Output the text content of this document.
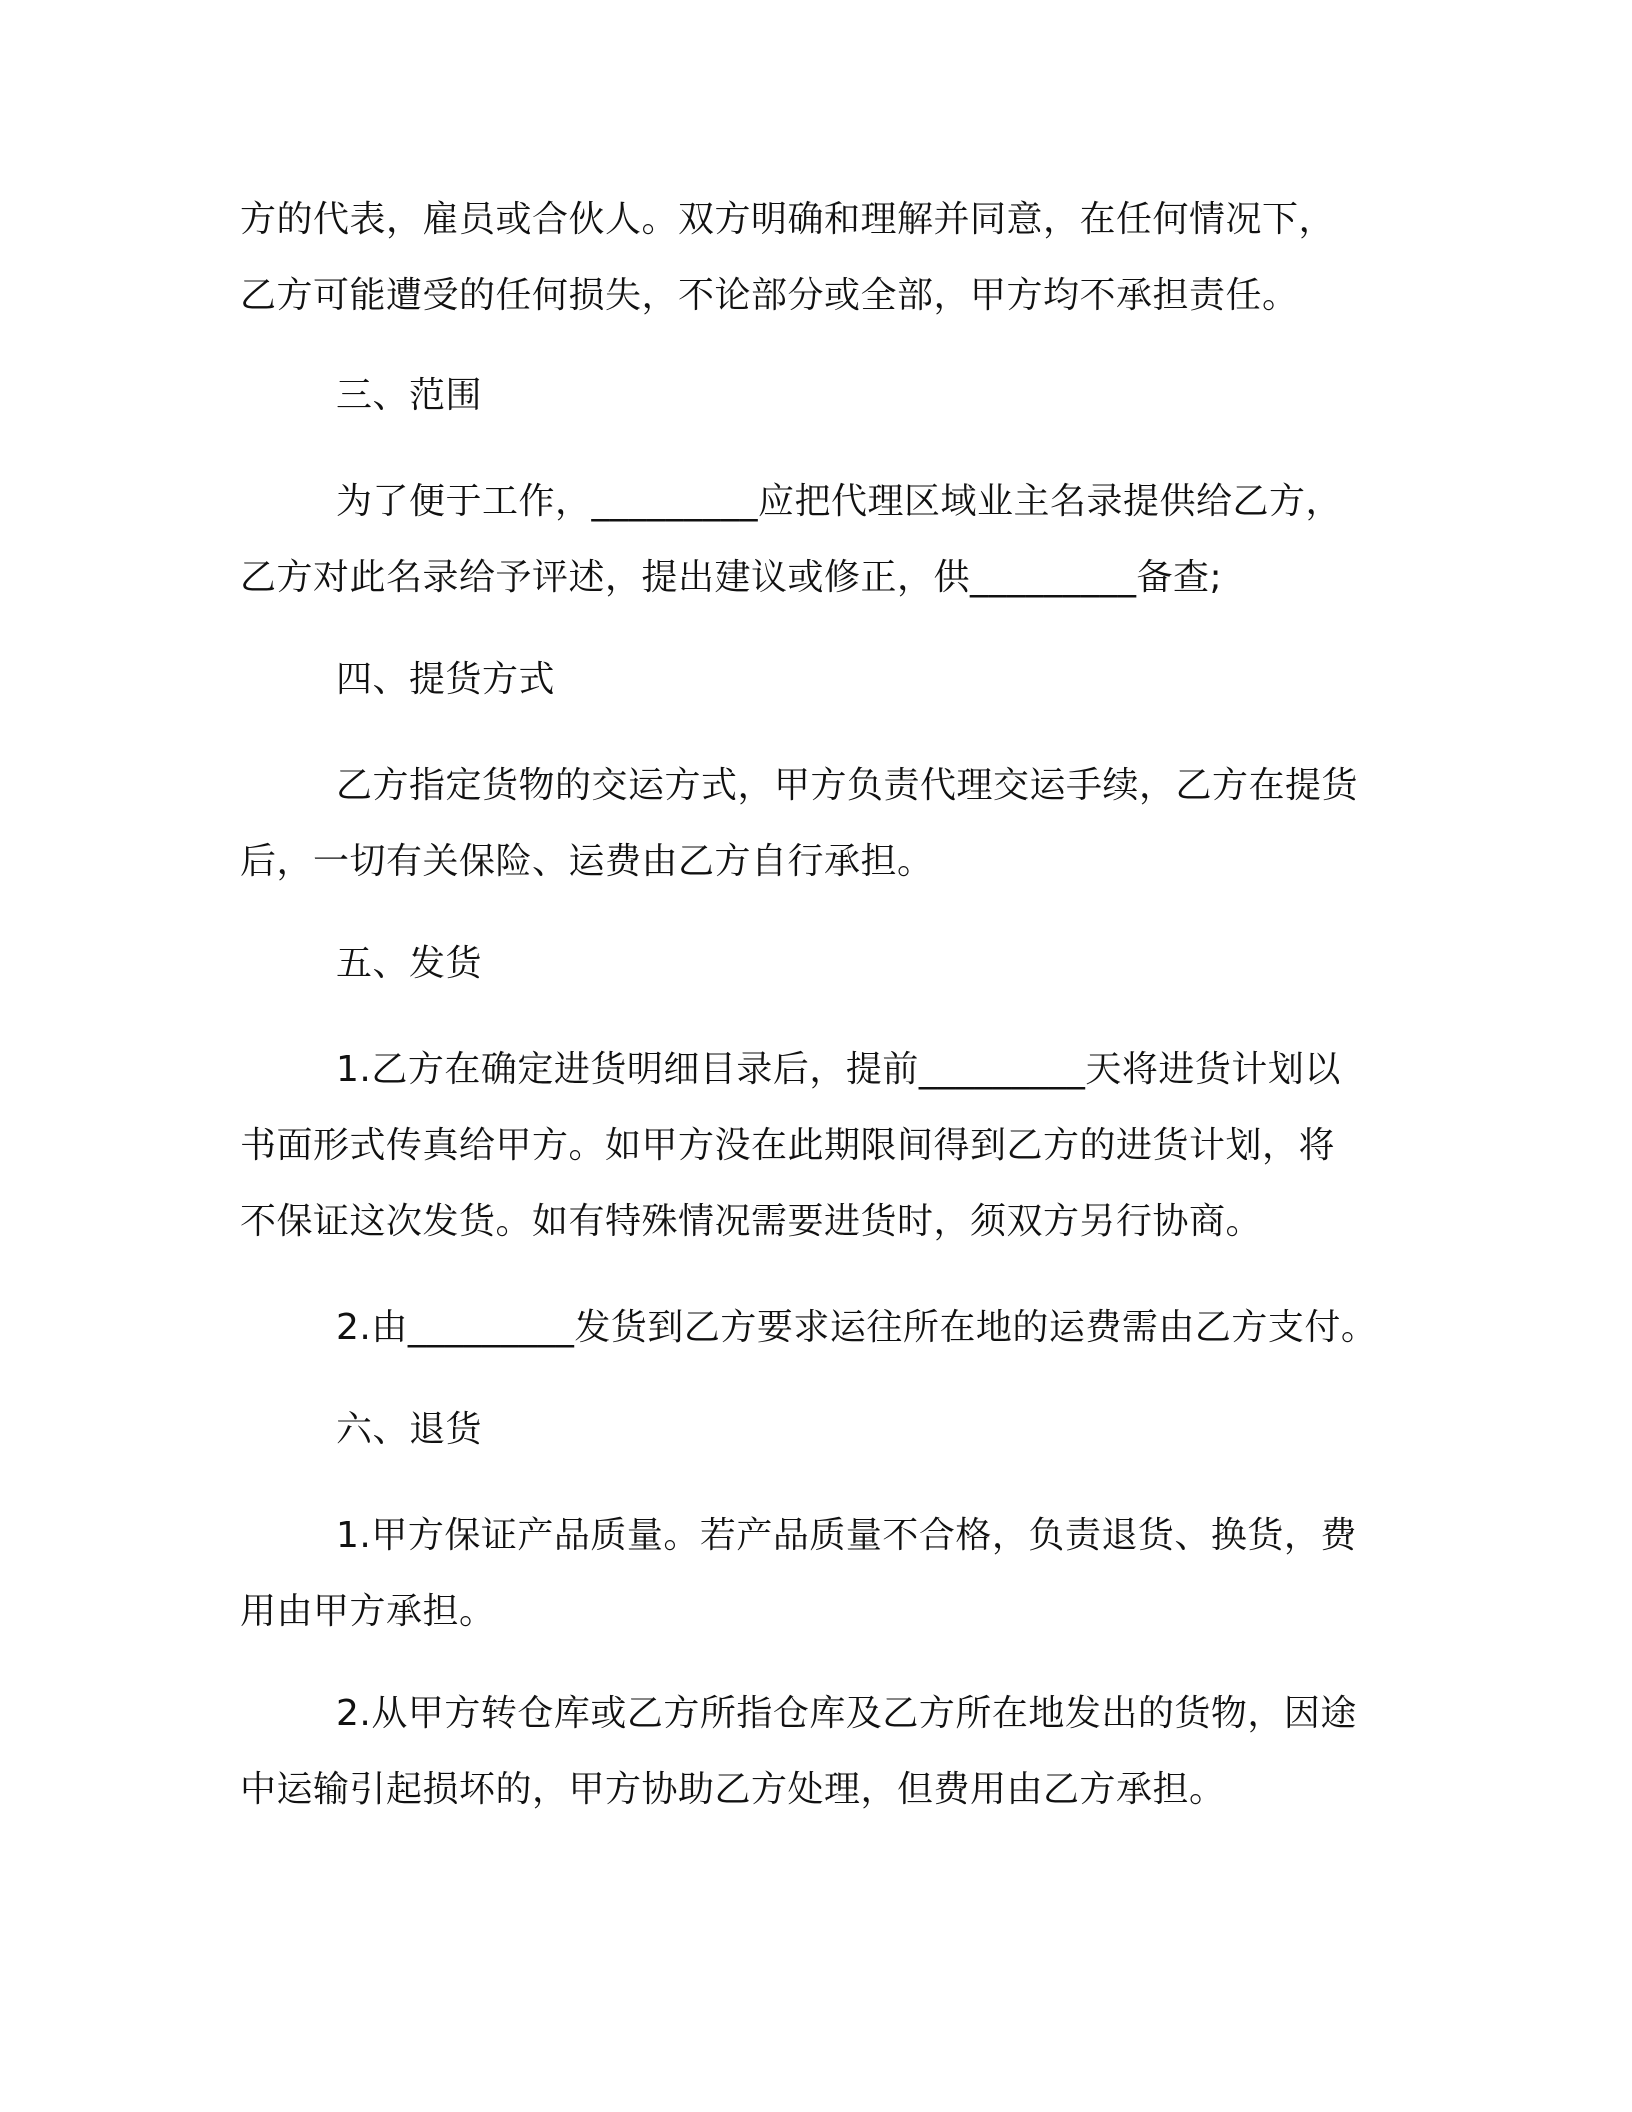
方的代表，雇员或合伙人。双方明确和理解并同意，在任何情况下，

乙方可能遭受的任何损失，不论部分或全部，甲方均不承担责任。

三、范围

为了便于工作，_________应把代理区域业主名录提供给乙方，

乙方对此名录给予评述，提出建议或修正，供_________备查;

四、提货方式

乙方指定货物的交运方式，甲方负责代理交运手续，乙方在提货

后，一切有关保险、运费由乙方自行承担。

五、发货

1.乙方在确定进货明细目录后，提前_________天将进货计划以

书面形式传真给甲方。如甲方没在此期限间得到乙方的进货计划，将

不保证这次发货。如有特殊情况需要进货时，须双方另行协商。

2.由_________发货到乙方要求运往所在地的运费需由乙方支付。

六、退货

1.甲方保证产品质量。若产品质量不合格，负责退货、换货，费

用由甲方承担。

2.从甲方转仓库或乙方所指仓库及乙方所在地发出的货物，因途

中运输引起损坏的，甲方协助乙方处理，但费用由乙方承担。
